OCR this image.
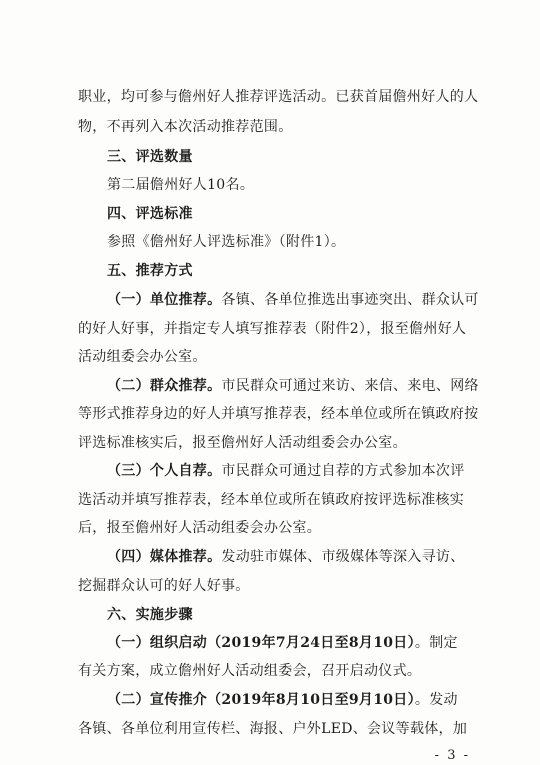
职业，均可参与儋州好人推荐评选活动。已获首届儋州好人的人
物，不再列入本次活动推荐范围。
三、评选数量
第二届儋州好人10名。
四、评选标准
参照《儋州好人评选标准》（附件1）。
五、推荐方式
（一）单位推荐。各镇、各单位推选出事迹突出、群众认可
的好人好事，并指定专人填写推荐表（附件2），报至儋州好人
活动组委会办公室。
（二）群众推荐。市民群众可通过来访、来信、来电、网络
等形式推荐身边的好人并填写推荐表，经本单位或所在镇政府按
评选标准核实后，报至儋州好人活动组委会办公室。
（三）个人自荐。市民群众可通过自荐的方式参加本次评
选活动并填写推荐表，经本单位或所在镇政府按评选标准核实
后，报至儋州好人活动组委会办公室。
（四）媒体推荐。发动驻市媒体、市级媒体等深入寻访、
挖掘群众认可的好人好事。
六、实施步骤
（一）组织启动（2019年7月24日至8月10日）。制定
有关方案，成立儋州好人活动组委会，召开启动仪式。
（二）宣传推介（2019年8月10日至9月10日）。发动
各镇、各单位利用宣传栏、海报、户外LED、会议等载体，加
- 3 -
